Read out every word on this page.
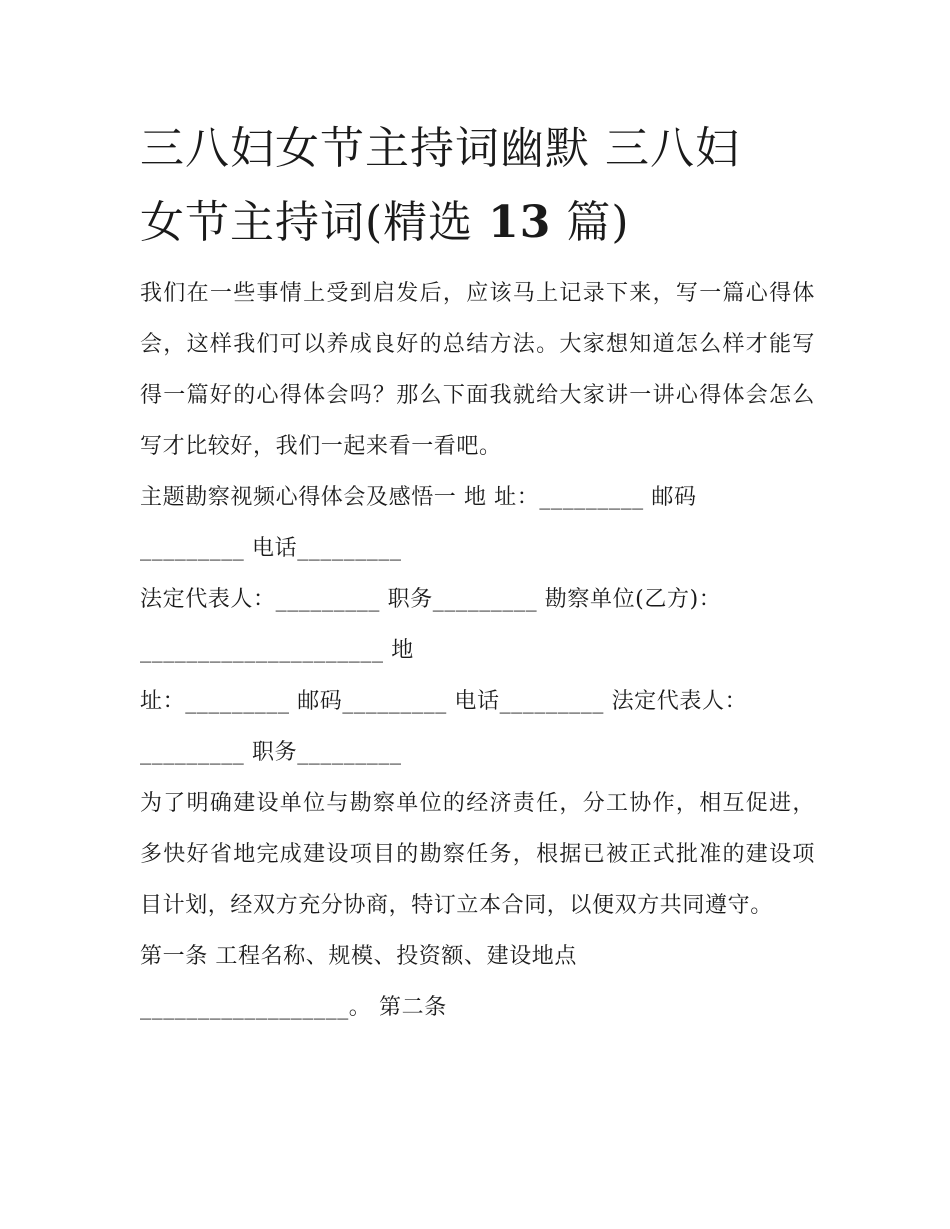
三八妇女节主持词幽默 三八妇
女节主持词(精选 13 篇)

我们在一些事情上受到启发后，应该马上记录下来，写一篇心得体会，这样我们可以养成良好的总结方法。大家想知道怎么样才能写得一篇好的心得体会吗？那么下面我就给大家讲一讲心得体会怎么写才比较好，我们一起来看一看吧。

主题勘察视频心得体会及感悟一 地 址：_________ 邮码

_________ 电话_________

法定代表人：_________ 职务_________ 勘察单位(乙方)：

_____________________ 地

址：_________ 邮码_________ 电话_________ 法定代表人：

_________ 职务_________

为了明确建设单位与勘察单位的经济责任，分工协作，相互促进，多快好省地完成建设项目的勘察任务，根据已被正式批准的建设项目计划，经双方充分协商，特订立本合同，以便双方共同遵守。

第一条 工程名称、规模、投资额、建设地点

__________________。 第二条
